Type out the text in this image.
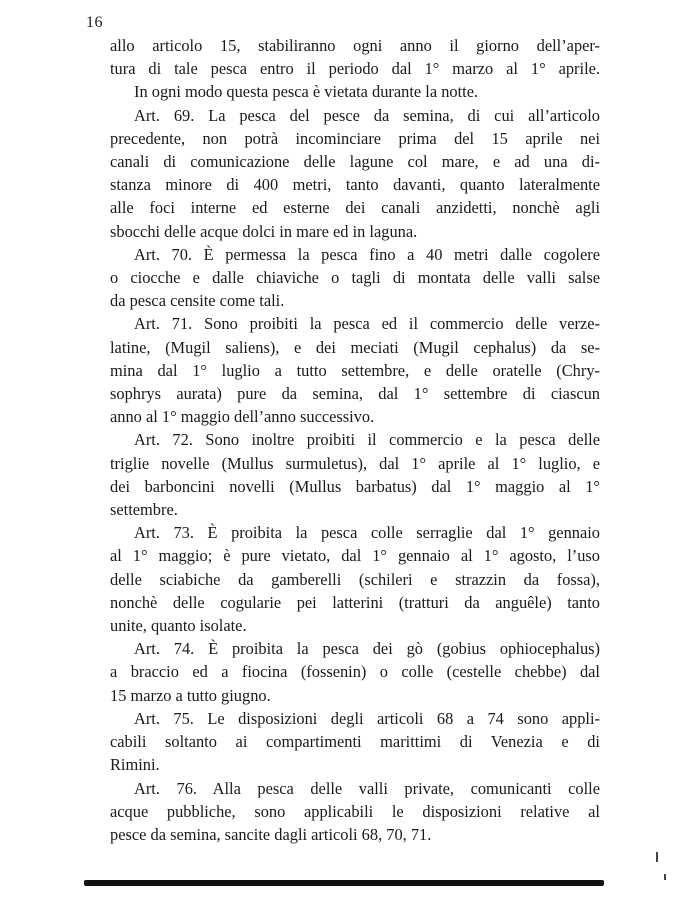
16
allo articolo 15, stabiliranno ogni anno il giorno dell’aper-
tura di tale pesca entro il periodo dal 1° marzo al 1° aprile.
In ogni modo questa pesca è vietata durante la notte.
Art. 69. La pesca del pesce da semina, di cui all’articolo
precedente, non potrà incominciare prima del 15 aprile nei
canali di comunicazione delle lagune col mare, e ad una di-
stanza minore di 400 metri, tanto davanti, quanto lateralmente
alle foci interne ed esterne dei canali anzidetti, nonchè agli
sbocchi delle acque dolci in mare ed in laguna.
Art. 70. È permessa la pesca fino a 40 metri dalle cogolere
o ciocche e dalle chiaviche o tagli di montata delle valli salse
da pesca censite come tali.
Art. 71. Sono proibiti la pesca ed il commercio delle verze-
latine, (Mugil saliens), e dei meciati (Mugil cephalus) da se-
mina dal 1° luglio a tutto settembre, e delle oratelle (Chry-
sophrys aurata) pure da semina, dal 1° settembre di ciascun
anno al 1° maggio dell’anno successivo.
Art. 72. Sono inoltre proibiti il commercio e la pesca delle
triglie novelle (Mullus surmuletus), dal 1° aprile al 1° luglio, e
dei barboncini novelli (Mullus barbatus) dal 1° maggio al 1°
settembre.
Art. 73. È proibita la pesca colle serraglie dal 1° gennaio
al 1° maggio; è pure vietato, dal 1° gennaio al 1° agosto, l’uso
delle sciabiche da gamberelli (schileri e strazzin da fossa),
nonchè delle cogularie pei latterini (tratturi da anguêle) tanto
unite, quanto isolate.
Art. 74. È proibita la pesca dei gò (gobius ophiocephalus)
a braccio ed a fiocina (fossenin) o colle (cestelle chebbe) dal
15 marzo a tutto giugno.
Art. 75. Le disposizioni degli articoli 68 a 74 sono appli-
cabili soltanto ai compartimenti marittimi di Venezia e di
Rimini.
Art. 76. Alla pesca delle valli private, comunicanti colle
acque pubbliche, sono applicabili le disposizioni relative al
pesce da semina, sancite dagli articoli 68, 70, 71.
